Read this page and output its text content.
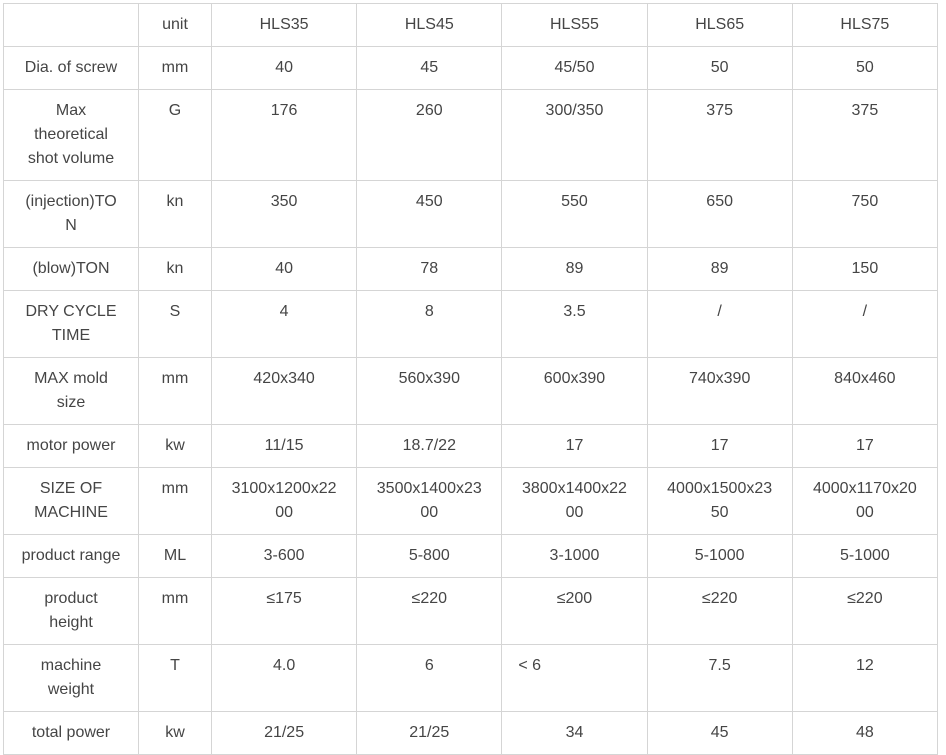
	unit	HLS35	HLS45	HLS55	HLS65	HLS75
Dia. of screw	mm	40	45	45/50	50	50
Max theoretical shot volume	G	176	260	300/350	375	375
(injection)TON	kn	350	450	550	650	750
(blow)TON	kn	40	78	89	89	150
DRY CYCLE TIME	S	4	8	3.5	/	/
MAX mold size	mm	420x340	560x390	600x390	740x390	840x460
motor power	kw	11/15	18.7/22	17	17	17
SIZE OF MACHINE	mm	3100x1200x2200	3500x1400x2300	3800x1400x2200	4000x1500x2350	4000x1170x2000
product range	ML	3-600	5-800	3-1000	5-1000	5-1000
product height	mm	≤175	≤220	≤200	≤220	≤220
machine weight	T	4.0	6	< 6	7.5	12
total power	kw	21/25	21/25	34	45	48
